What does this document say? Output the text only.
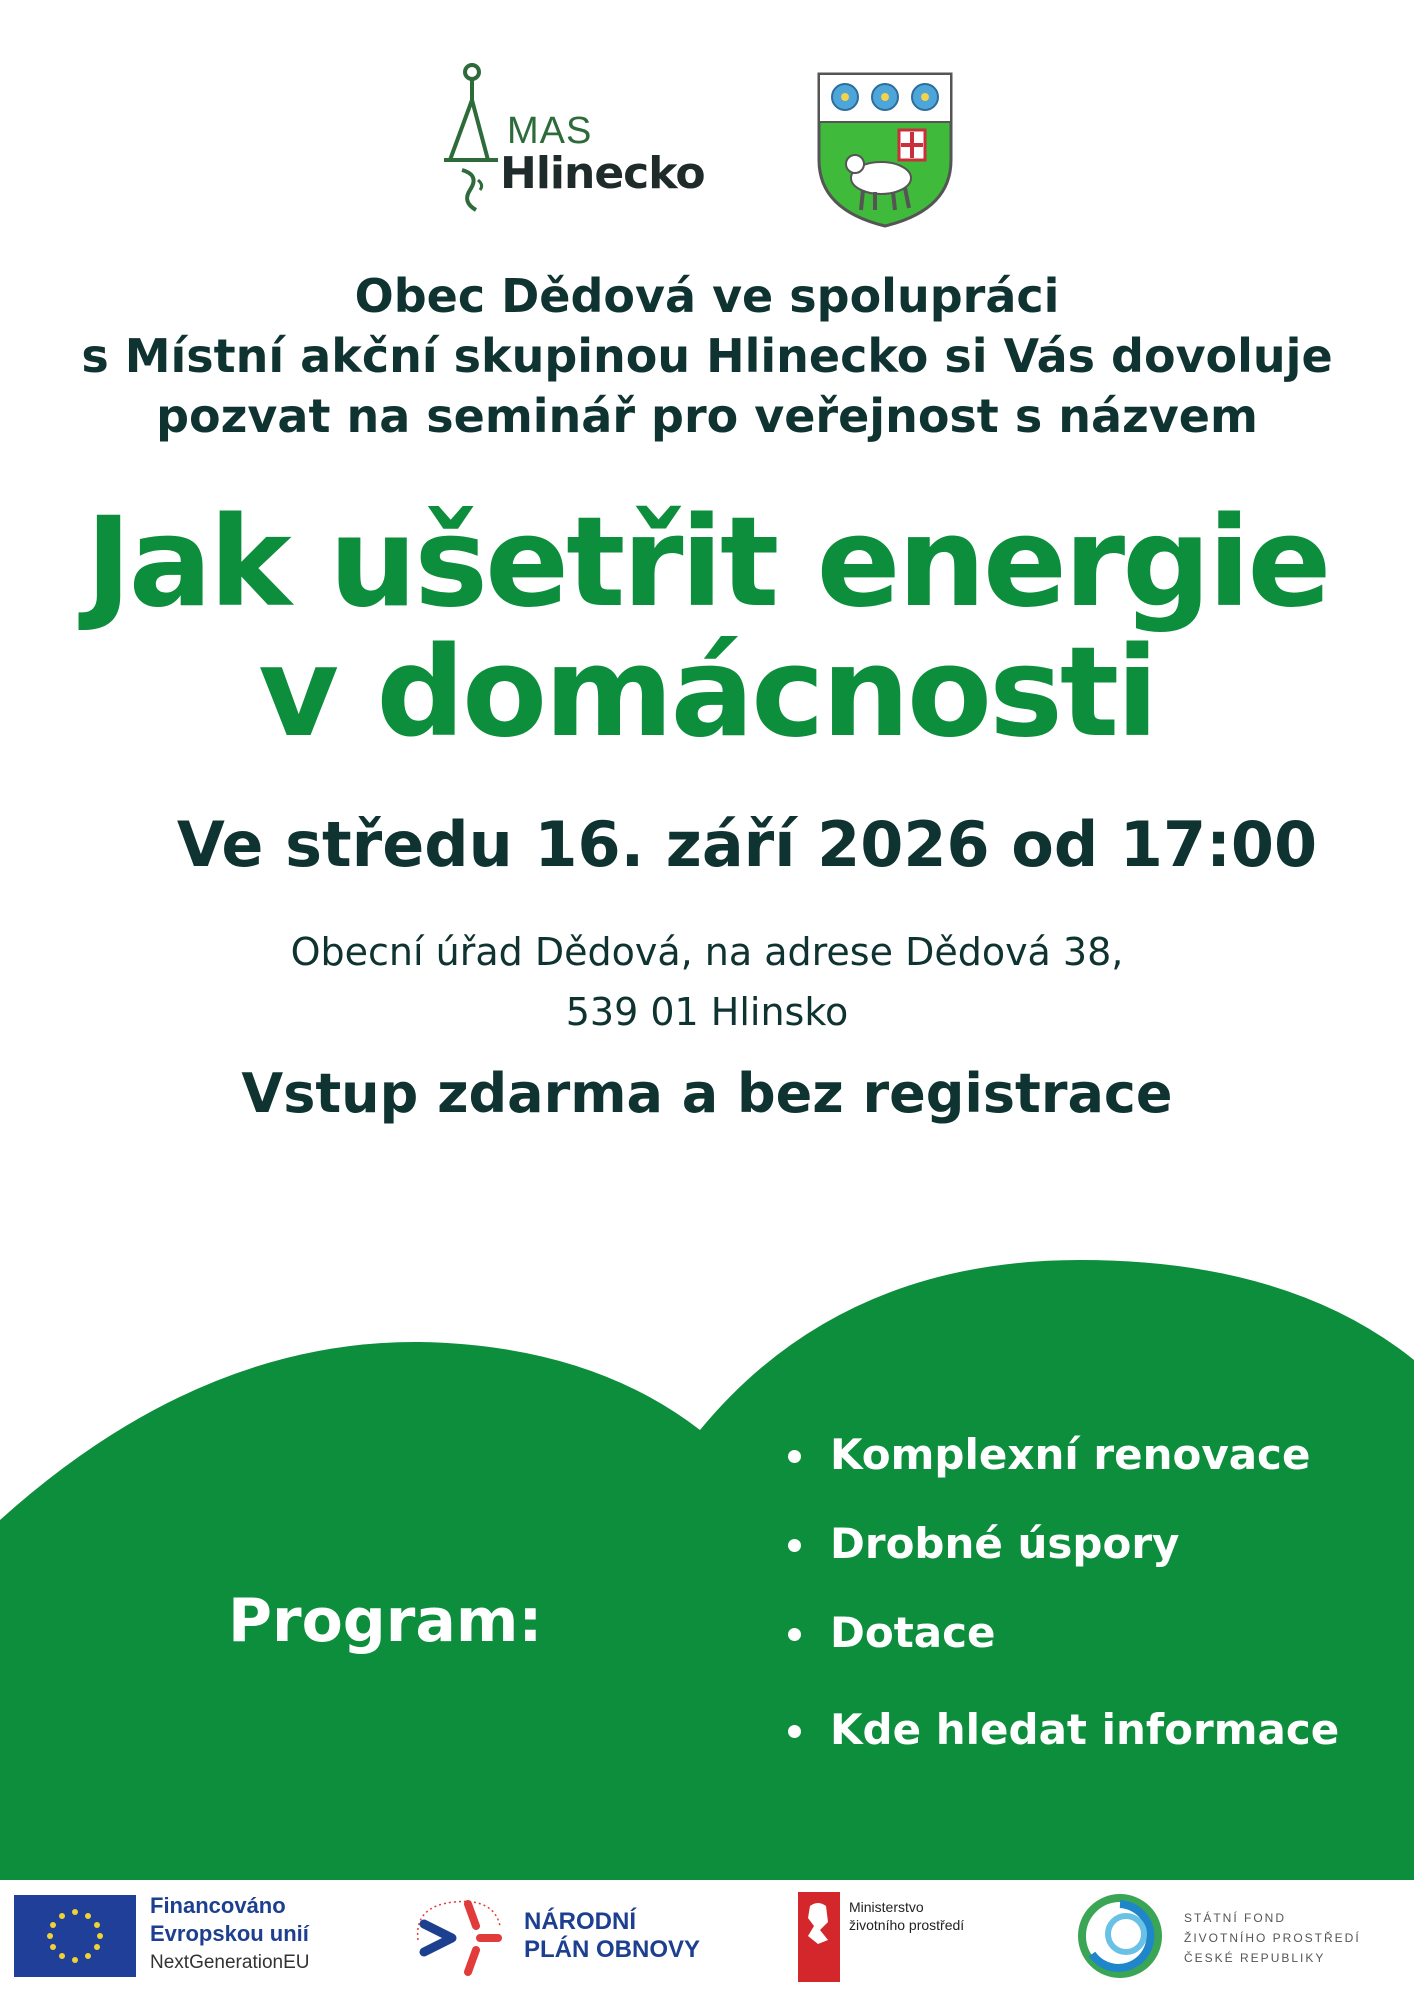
MAS
Hlinecko
Obec Dědová ve spolupráci
s Místní akční skupinou Hlinecko si Vás dovoluje
pozvat na seminář pro veřejnost s názvem
Jak ušetřit energie
v domácnosti
Ve středu 16. září 2026 od 17:00
Obecní úřad Dědová, na adrese Dědová 38,
539 01 Hlinsko
Vstup zdarma a bez registrace
Program:
Komplexní renovace
Drobné úspory
Dotace
Kde hledat informace
Financováno
Evropskou unií
NextGenerationEU
NÁRODNÍ
PLÁN OBNOVY
Ministerstvo
životního prostředí	STÁTNÍ FOND
ŽIVOTNÍHO PROSTŘEDÍ
ČESKÉ REPUBLIKY
